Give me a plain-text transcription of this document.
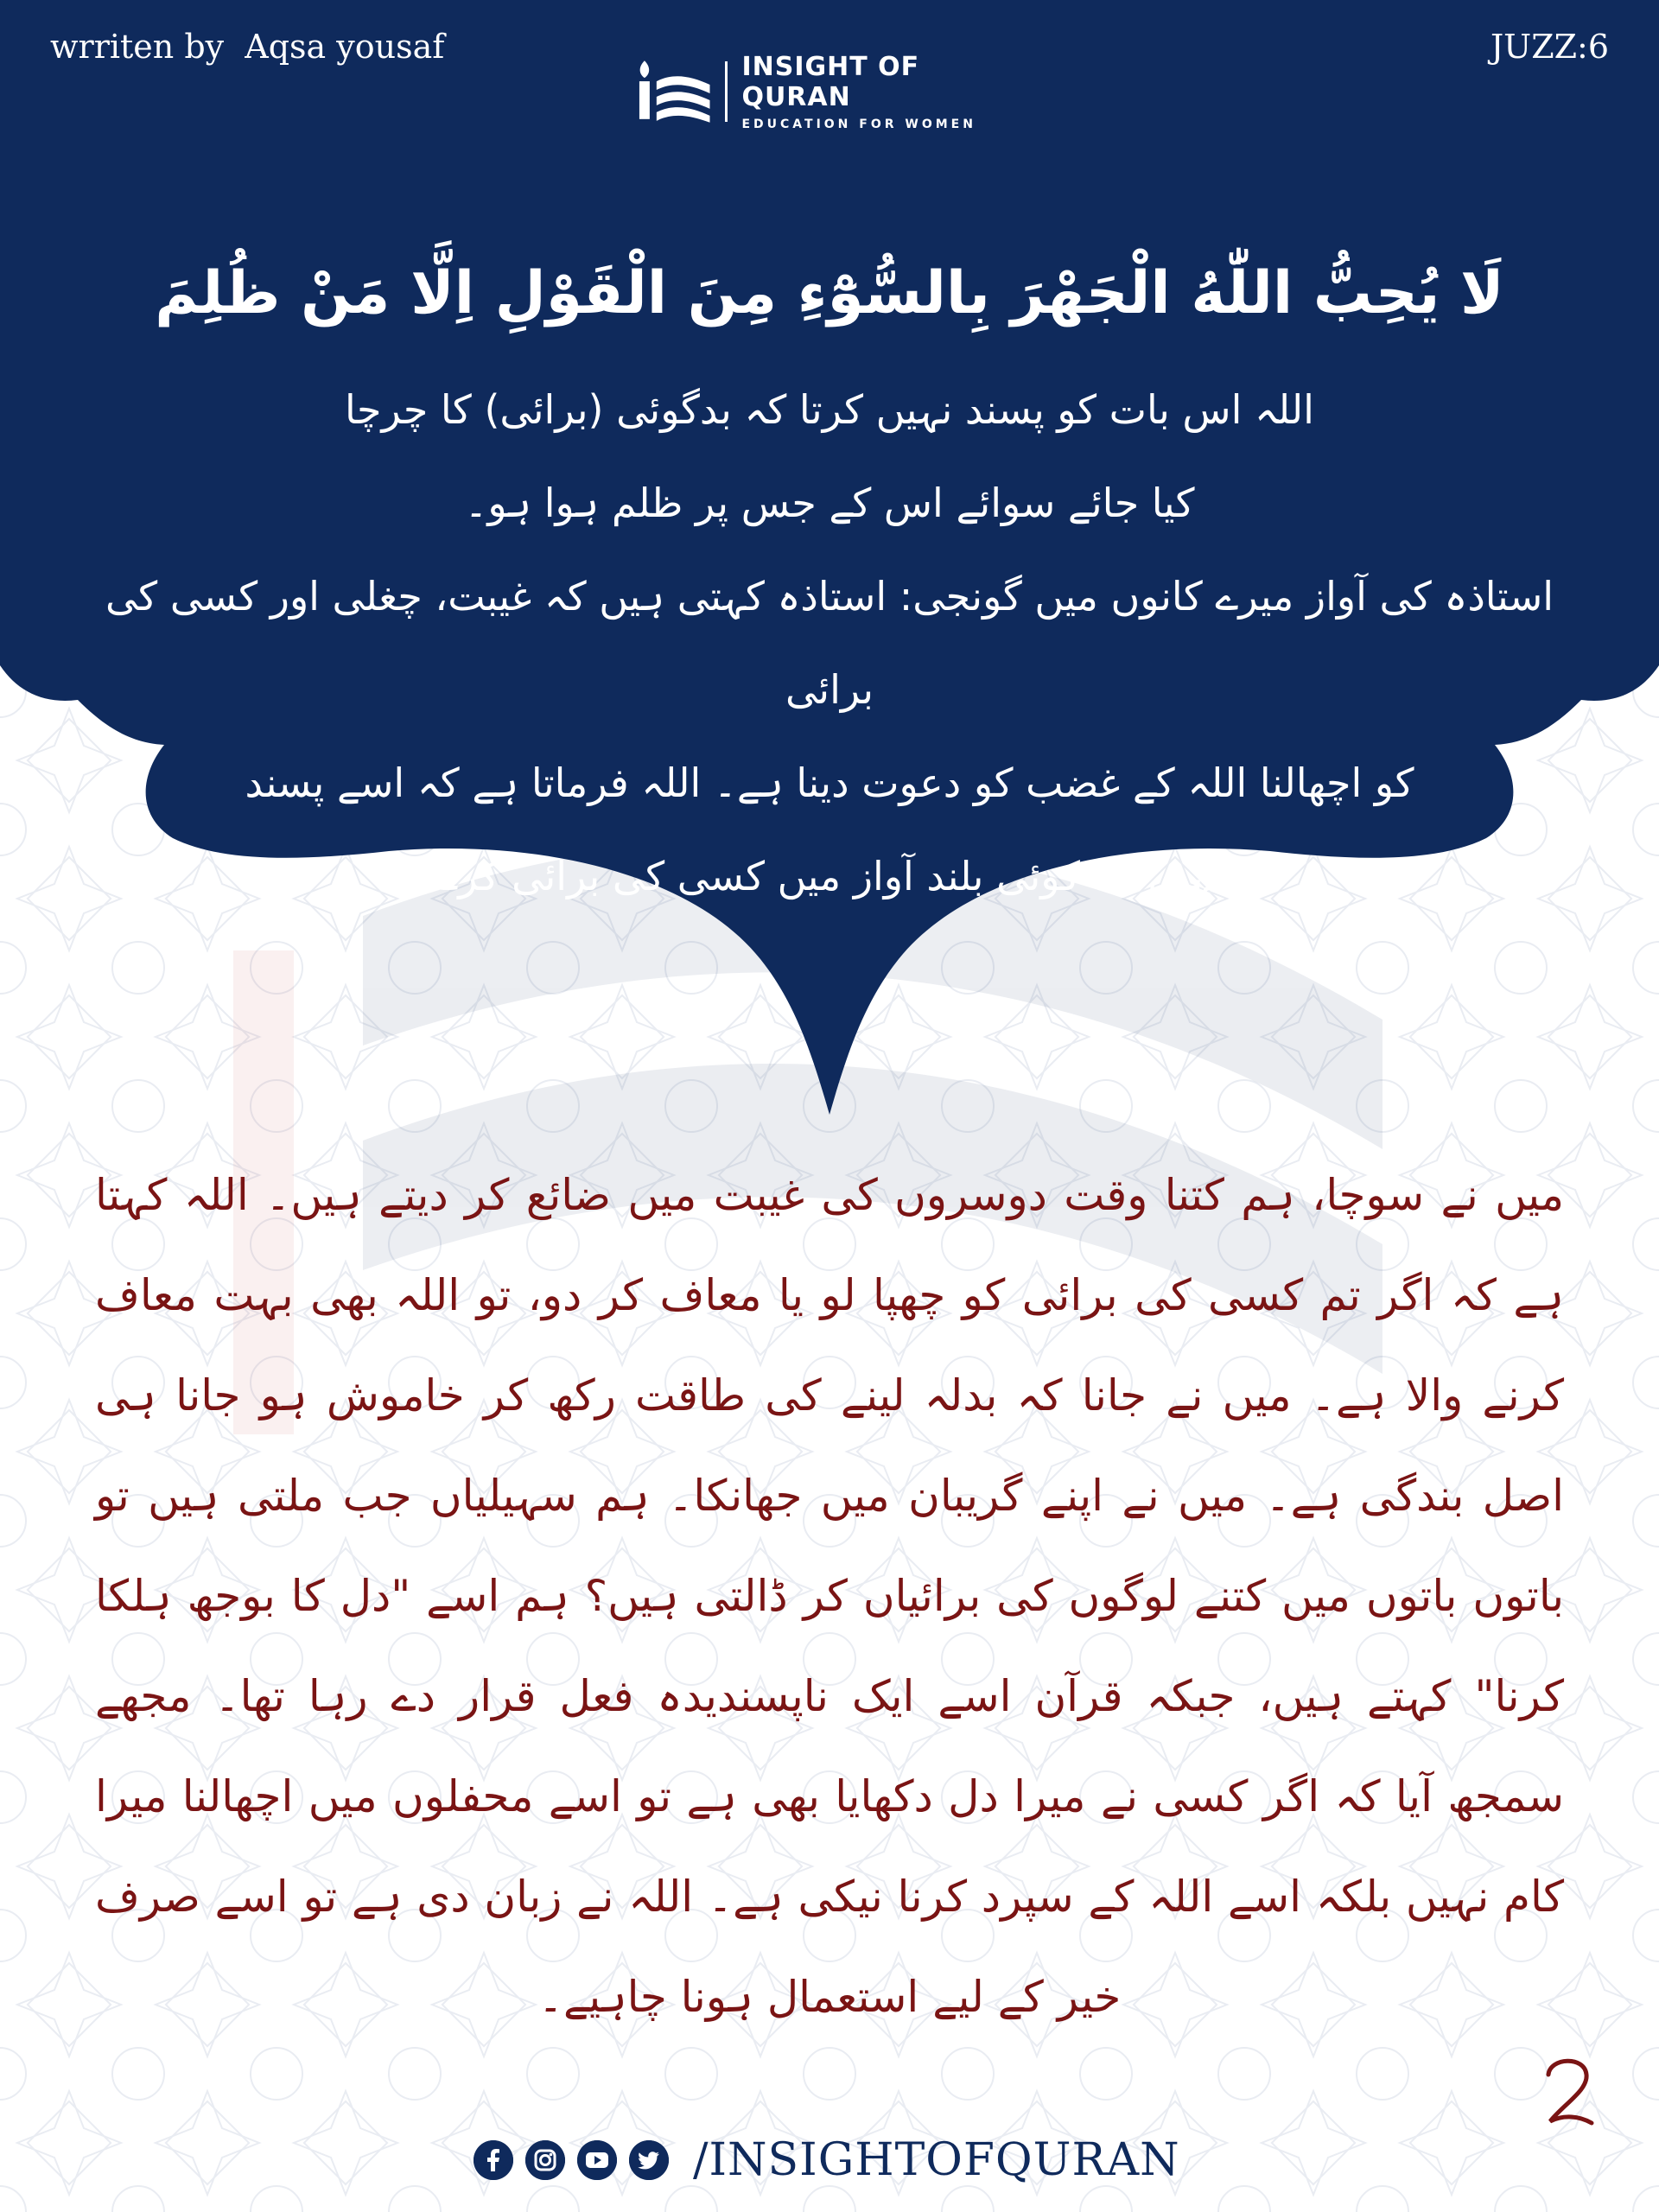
wrriten by  Aqsa yousaf	JUZZ:6
INSIGHT OF QURAN
EDUCATION FOR WOMEN
لَا يُحِبُّ اللّٰهُ الْجَهْرَ بِالسُّوْٓءِ مِنَ الْقَوْلِ اِلَّا مَنْ ظُلِمَ

اللہ اس بات کو پسند نہیں کرتا کہ بدگوئی (برائی) کا چرچا

کیا جائے سوائے اس کے جس پر ظلم ہوا ہو۔

استاذہ کی آواز میرے کانوں میں گونجی: استاذہ کہتی ہیں کہ غیبت، چغلی اور کسی کی برائی

کو اچھالنا اللہ کے غضب کو دعوت دینا ہے۔ اللہ فرماتا ہے کہ اسے پسند

نہیں کہ کوئی بلند آواز میں کسی کی برائی کرے

میں نے سوچا، ہم کتنا وقت دوسروں کی غیبت میں ضائع کر دیتے ہیں۔ اللہ کہتا ہے کہ اگر تم کسی کی برائی کو چھپا لو یا معاف کر دو، تو اللہ بھی بہت معاف کرنے والا ہے۔ میں نے جانا کہ بدلہ لینے کی طاقت رکھ کر خاموش ہو جانا ہی اصل بندگی ہے۔ میں نے اپنے گریبان میں جھانکا۔ ہم سہیلیاں جب ملتی ہیں تو باتوں باتوں میں کتنے لوگوں کی برائیاں کر ڈالتی ہیں؟ ہم اسے "دل کا بوجھ ہلکا کرنا" کہتے ہیں، جبکہ قرآن اسے ایک ناپسندیدہ فعل قرار دے رہا تھا۔ مجھے سمجھ آیا کہ اگر کسی نے میرا دل دکھایا بھی ہے تو اسے محفلوں میں اچھالنا میرا کام نہیں بلکہ اسے اللہ کے سپرد کرنا نیکی ہے۔ اللہ نے زبان دی ہے تو اسے صرف خیر کے لیے استعمال ہونا چاہیے۔
/INSIGHTOFQURAN
